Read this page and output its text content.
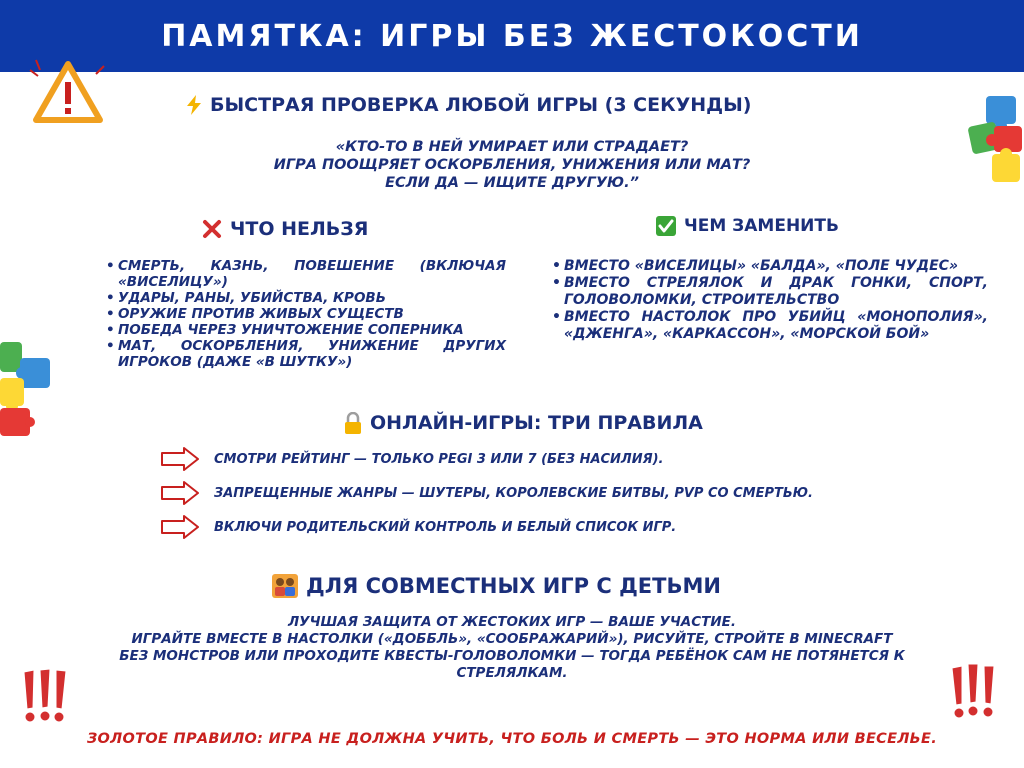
ПАМЯТКА: ИГРЫ БЕЗ ЖЕСТОКОСТИ
БЫСТРАЯ ПРОВЕРКА ЛЮБОЙ ИГРЫ (3 СЕКУНДЫ)
«КТО-ТО В НЕЙ УМИРАЕТ ИЛИ СТРАДАЕТ?
ИГРА ПООЩРЯЕТ ОСКОРБЛЕНИЯ, УНИЖЕНИЯ ИЛИ МАТ?
ЕСЛИ ДА — ИЩИТЕ ДРУГУЮ.”
ЧТО НЕЛЬЗЯ
• СМЕРТЬ, КАЗНЬ, ПОВЕШЕНИЕ (ВКЛЮЧАЯ «ВИСЕЛИЦУ»)
• УДАРЫ, РАНЫ, УБИЙСТВА, КРОВЬ
• ОРУЖИЕ ПРОТИВ ЖИВЫХ СУЩЕСТВ
• ПОБЕДА ЧЕРЕЗ УНИЧТОЖЕНИЕ СОПЕРНИКА
• МАТ, ОСКОРБЛЕНИЯ, УНИЖЕНИЕ ДРУГИХ ИГРОКОВ (ДАЖЕ «В ШУТКУ»)
ЧЕМ ЗАМЕНИТЬ
• ВМЕСТО «ВИСЕЛИЦЫ» «БАЛДА», «ПОЛЕ ЧУДЕС»
• ВМЕСТО СТРЕЛЯЛОК И ДРАК ГОНКИ, СПОРТ, ГОЛОВОЛОМКИ, СТРОИТЕЛЬСТВО
• ВМЕСТО НАСТОЛОК ПРО УБИЙЦ «МОНОПОЛИЯ», «ДЖЕНГА», «КАРКАССОН», «МОРСКОЙ БОЙ»
ОНЛАЙН-ИГРЫ: ТРИ ПРАВИЛА
СМОТРИ РЕЙТИНГ — ТОЛЬКО PEGI 3 ИЛИ 7 (БЕЗ НАСИЛИЯ).
ЗАПРЕЩЕННЫЕ ЖАНРЫ — ШУТЕРЫ, КОРОЛЕВСКИЕ БИТВЫ, PVP СО СМЕРТЬЮ.
ВКЛЮЧИ РОДИТЕЛЬСКИЙ КОНТРОЛЬ И БЕЛЫЙ СПИСОК ИГР.
ДЛЯ СОВМЕСТНЫХ ИГР С ДЕТЬМИ
ЛУЧШАЯ ЗАЩИТА ОТ ЖЕСТОКИХ ИГР — ВАШЕ УЧАСТИЕ.
ИГРАЙТЕ ВМЕСТЕ В НАСТОЛКИ («ДОББЛЬ», «СООБРАЖАРИЙ»), РИСУЙТЕ, СТРОЙТЕ В MINECRAFT
БЕЗ МОНСТРОВ ИЛИ ПРОХОДИТЕ КВЕСТЫ-ГОЛОВОЛОМКИ — ТОГДА РЕБЁНОК САМ НЕ ПОТЯНЕТСЯ К
СТРЕЛЯЛКАМ.
ЗОЛОТОЕ ПРАВИЛО: ИГРА НЕ ДОЛЖНА УЧИТЬ, ЧТО БОЛЬ И СМЕРТЬ — ЭТО НОРМА ИЛИ ВЕСЕЛЬЕ.
